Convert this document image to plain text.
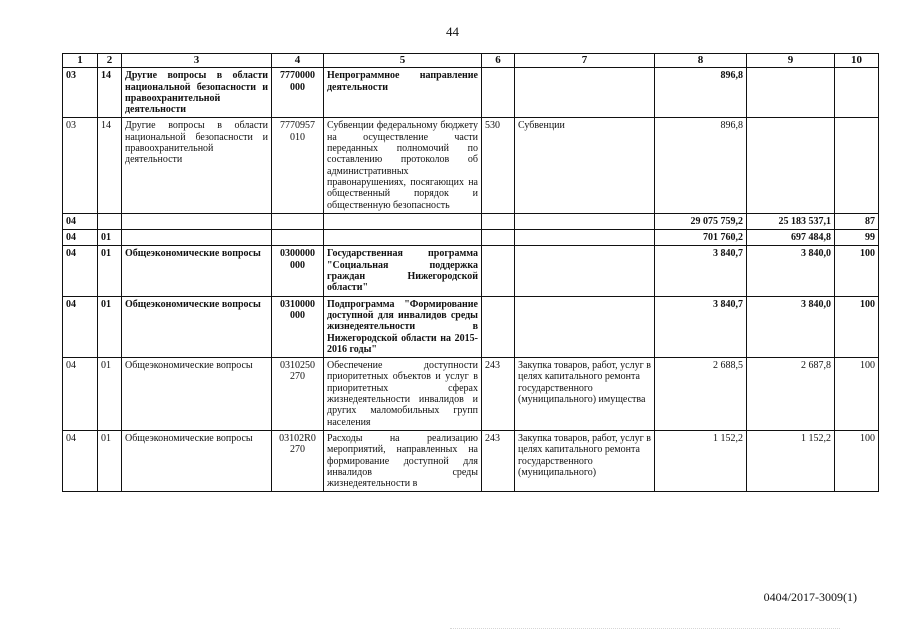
44
1	2	3	4	5	6	7	8	9	10
03	14	Другие вопросы в области национальной безопасности и правоохранительной деятельности	7770000 000	Непрограммное направление деятельности			896,8		
03	14	Другие вопросы в области национальной безопасности и правоохранительной деятельности	7770957 010	Субвенции федеральному бюджету на осуществление части переданных полномочий по составлению протоколов об административных правонарушениях, посягающих на общественный порядок и общественную безопасность	530	Субвенции	896,8		
04							29 075 759,2	25 183 537,1	87
04	01						701 760,2	697 484,8	99
04	01	Общеэкономические вопросы	0300000 000	Государственная программа "Социальная поддержка граждан Нижегородской области"			3 840,7	3 840,0	100
04	01	Общеэкономические вопросы	0310000 000	Подпрограмма "Формирование доступной для инвалидов среды жизнедеятельности в Нижегородской области на 2015-2016 годы"			3 840,7	3 840,0	100
04	01	Общеэкономические вопросы	0310250 270	Обеспечение доступности приоритетных объектов и услуг в приоритетных сферах жизнедеятельности инвалидов и других маломобильных групп населения	243	Закупка товаров, работ, услуг в целях капитального ремонта государственного (муниципального) имущества	2 688,5	2 687,8	100
04	01	Общеэкономические вопросы	03102R0 270	Расходы на реализацию мероприятий, направленных на формирование доступной для инвалидов среды жизнедеятельности в	243	Закупка товаров, работ, услуг в целях капитального ремонта государственного (муниципального)	1 152,2	1 152,2	100
0404/2017-3009(1)
